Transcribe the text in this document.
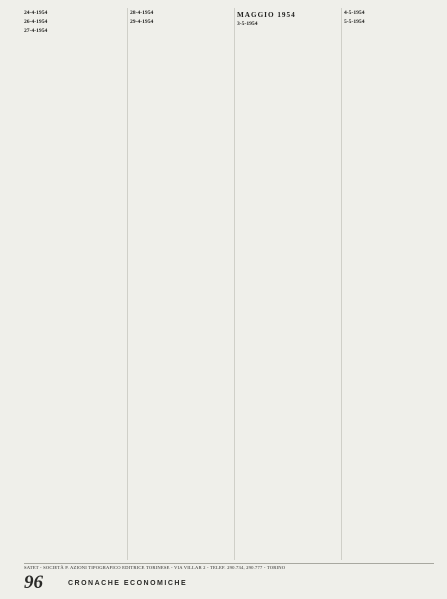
24-4-1954
26-4-1954
27-4-1954
28-4-1954
29-4-1954
MAGGIO 1954
3-5-1954
4-5-1954
5-5-1954
SATET - SOCIETÀ P. AZIONI TIPOGRAFICO EDITRICE TORINESE - VIA VILLAR 2 - TELEF. 290.734, 290.777 - TORINO
96	CRONACHE ECONOMICHE
